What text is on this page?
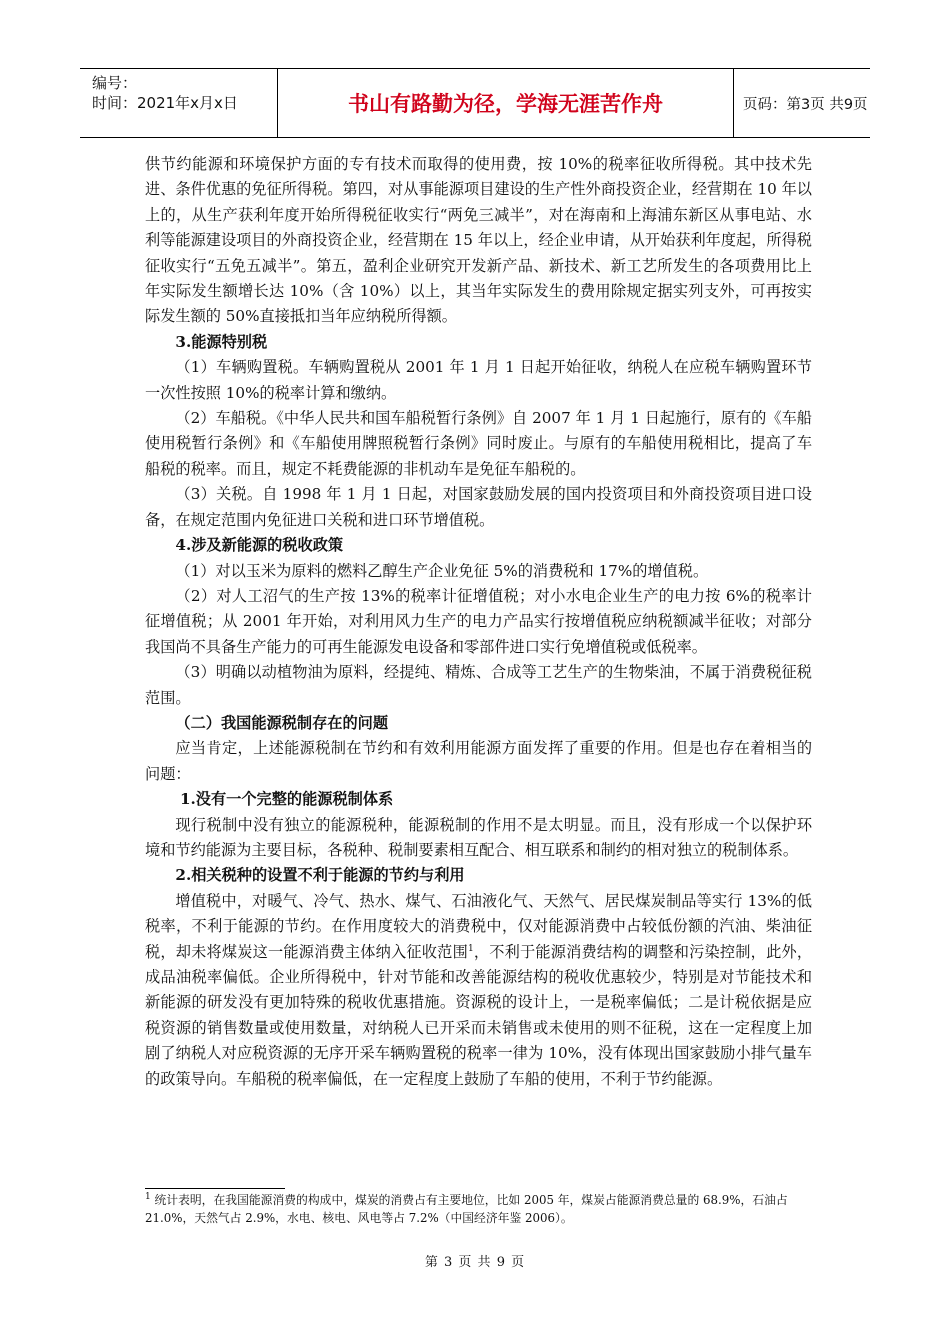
编号：
时间：2021年x月x日	书山有路勤为径，学海无涯苦作舟	页码：第3页 共9页

供节约能源和环境保护方面的专有技术而取得的使用费，按 10%的税率征收所得税。其中技术先进、条件优惠的免征所得税。第四，对从事能源项目建设的生产性外商投资企业，经营期在 10 年以上的，从生产获利年度开始所得税征收实行“两免三减半”，对在海南和上海浦东新区从事电站、水利等能源建设项目的外商投资企业，经营期在 15 年以上，经企业申请，从开始获利年度起，所得税征收实行“五免五减半”。第五，盈利企业研究开发新产品、新技术、新工艺所发生的各项费用比上年实际发生额增长达 10%（含 10%）以上，其当年实际发生的费用除规定据实列支外，可再按实际发生额的 50%直接抵扣当年应纳税所得额。

3.能源特别税

（1）车辆购置税。车辆购置税从 2001 年 1 月 1 日起开始征收，纳税人在应税车辆购置环节一次性按照 10%的税率计算和缴纳。

（2）车船税。《中华人民共和国车船税暂行条例》自 2007 年 1 月 1 日起施行，原有的《车船使用税暂行条例》和《车船使用牌照税暂行条例》同时废止。与原有的车船使用税相比，提高了车船税的税率。而且，规定不耗费能源的非机动车是免征车船税的。

（3）关税。自 1998 年 1 月 1 日起，对国家鼓励发展的国内投资项目和外商投资项目进口设备，在规定范围内免征进口关税和进口环节增值税。

4.涉及新能源的税收政策

（1）对以玉米为原料的燃料乙醇生产企业免征 5%的消费税和 17%的增值税。

（2）对人工沼气的生产按 13%的税率计征增值税；对小水电企业生产的电力按 6%的税率计征增值税；从 2001 年开始，对利用风力生产的电力产品实行按增值税应纳税额减半征收；对部分我国尚不具备生产能力的可再生能源发电设备和零部件进口实行免增值税或低税率。

（3）明确以动植物油为原料，经提纯、精炼、合成等工艺生产的生物柴油，不属于消费税征税范围。

（二）我国能源税制存在的问题

应当肯定，上述能源税制在节约和有效利用能源方面发挥了重要的作用。但是也存在着相当的问题：

1.没有一个完整的能源税制体系

现行税制中没有独立的能源税种，能源税制的作用不是太明显。而且，没有形成一个以保护环境和节约能源为主要目标，各税种、税制要素相互配合、相互联系和制约的相对独立的税制体系。

2.相关税种的设置不利于能源的节约与利用

增值税中，对暖气、冷气、热水、煤气、石油液化气、天然气、居民煤炭制品等实行 13%的低税率，不利于能源的节约。在作用度较大的消费税中，仅对能源消费中占较低份额的汽油、柴油征税，却未将煤炭这一能源消费主体纳入征收范围$^1$，不利于能源消费结构的调整和污染控制，此外，成品油税率偏低。企业所得税中，针对节能和改善能源结构的税收优惠较少，特别是对节能技术和新能源的研发没有更加特殊的税收优惠措施。资源税的设计上，一是税率偏低；二是计税依据是应税资源的销售数量或使用数量，对纳税人已开采而未销售或未使用的则不征税，这在一定程度上加剧了纳税人对应税资源的无序开采车辆购置税的税率一律为 10%，没有体现出国家鼓励小排气量车的政策导向。车船税的税率偏低，在一定程度上鼓励了车船的使用，不利于节约能源。

$^1$ 统计表明，在我国能源消费的构成中，煤炭的消费占有主要地位，比如 2005 年，煤炭占能源消费总量的 68.9%，石油占 21.0%，天然气占 2.9%，水电、核电、风电等占 7.2%（中国经济年鉴 2006）。

第 3 页 共 9 页
